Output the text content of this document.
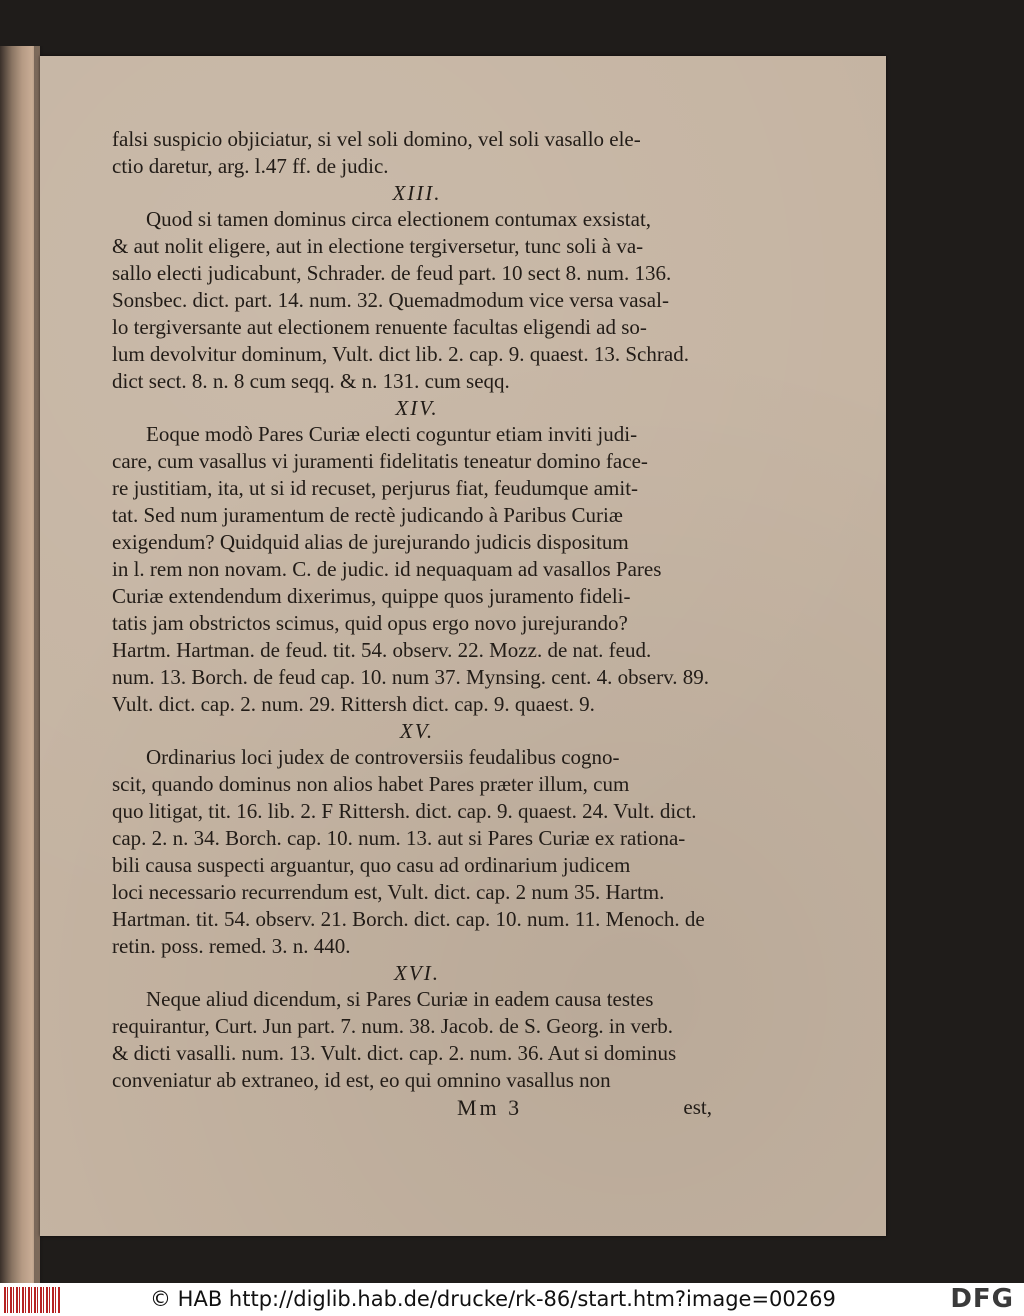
falsi suspicio objiciatur, si vel soli domino, vel soli vasallo ele-
ctio daretur, arg. l.47 ff. de judic.
XIII.
Quod si tamen dominus circa electionem contumax exsistat,
& aut nolit eligere, aut in electione tergiversetur, tunc soli à va-
sallo electi judicabunt, Schrader. de feud part. 10 sect 8. num. 136.
Sonsbec. dict. part. 14. num. 32. Quemadmodum vice versa vasal-
lo tergiversante aut electionem renuente facultas eligendi ad so-
lum devolvitur dominum, Vult. dict lib. 2. cap. 9. quaest. 13. Schrad.
dict sect. 8. n. 8 cum seqq. & n. 131. cum seqq.
XIV.
Eoque modò Pares Curiæ electi coguntur etiam inviti judi-
care, cum vasallus vi juramenti fidelitatis teneatur domino face-
re justitiam, ita, ut si id recuset, perjurus fiat, feudumque amit-
tat. Sed num juramentum de rectè judicando à Paribus Curiæ
exigendum? Quidquid alias de jurejurando judicis dispositum
in l. rem non novam. C. de judic. id nequaquam ad vasallos Pares
Curiæ extendendum dixerimus, quippe quos juramento fideli-
tatis jam obstrictos scimus, quid opus ergo novo jurejurando?
Hartm. Hartman. de feud. tit. 54. observ. 22. Mozz. de nat. feud.
num. 13. Borch. de feud cap. 10. num 37. Mynsing. cent. 4. observ. 89.
Vult. dict. cap. 2. num. 29. Rittersh dict. cap. 9. quaest. 9.
XV.
Ordinarius loci judex de controversiis feudalibus cogno-
scit, quando dominus non alios habet Pares præter illum, cum
quo litigat, tit. 16. lib. 2. F Rittersh. dict. cap. 9. quaest. 24. Vult. dict.
cap. 2. n. 34. Borch. cap. 10. num. 13. aut si Pares Curiæ ex rationa-
bili causa suspecti arguantur, quo casu ad ordinarium judicem
loci necessario recurrendum est, Vult. dict. cap. 2 num 35. Hartm.
Hartman. tit. 54. observ. 21. Borch. dict. cap. 10. num. 11. Menoch. de
retin. poss. remed. 3. n. 440.
XVI.
Neque aliud dicendum, si Pares Curiæ in eadem causa testes
requirantur, Curt. Jun part. 7. num. 38. Jacob. de S. Georg. in verb.
& dicti vasalli. num. 13. Vult. dict. cap. 2. num. 36. Aut si dominus
conveniatur ab extraneo, id est, eo qui omnino vasallus non
Mm 3	est,
© HAB http://diglib.hab.de/drucke/rk-86/start.htm?image=00269	DFG
